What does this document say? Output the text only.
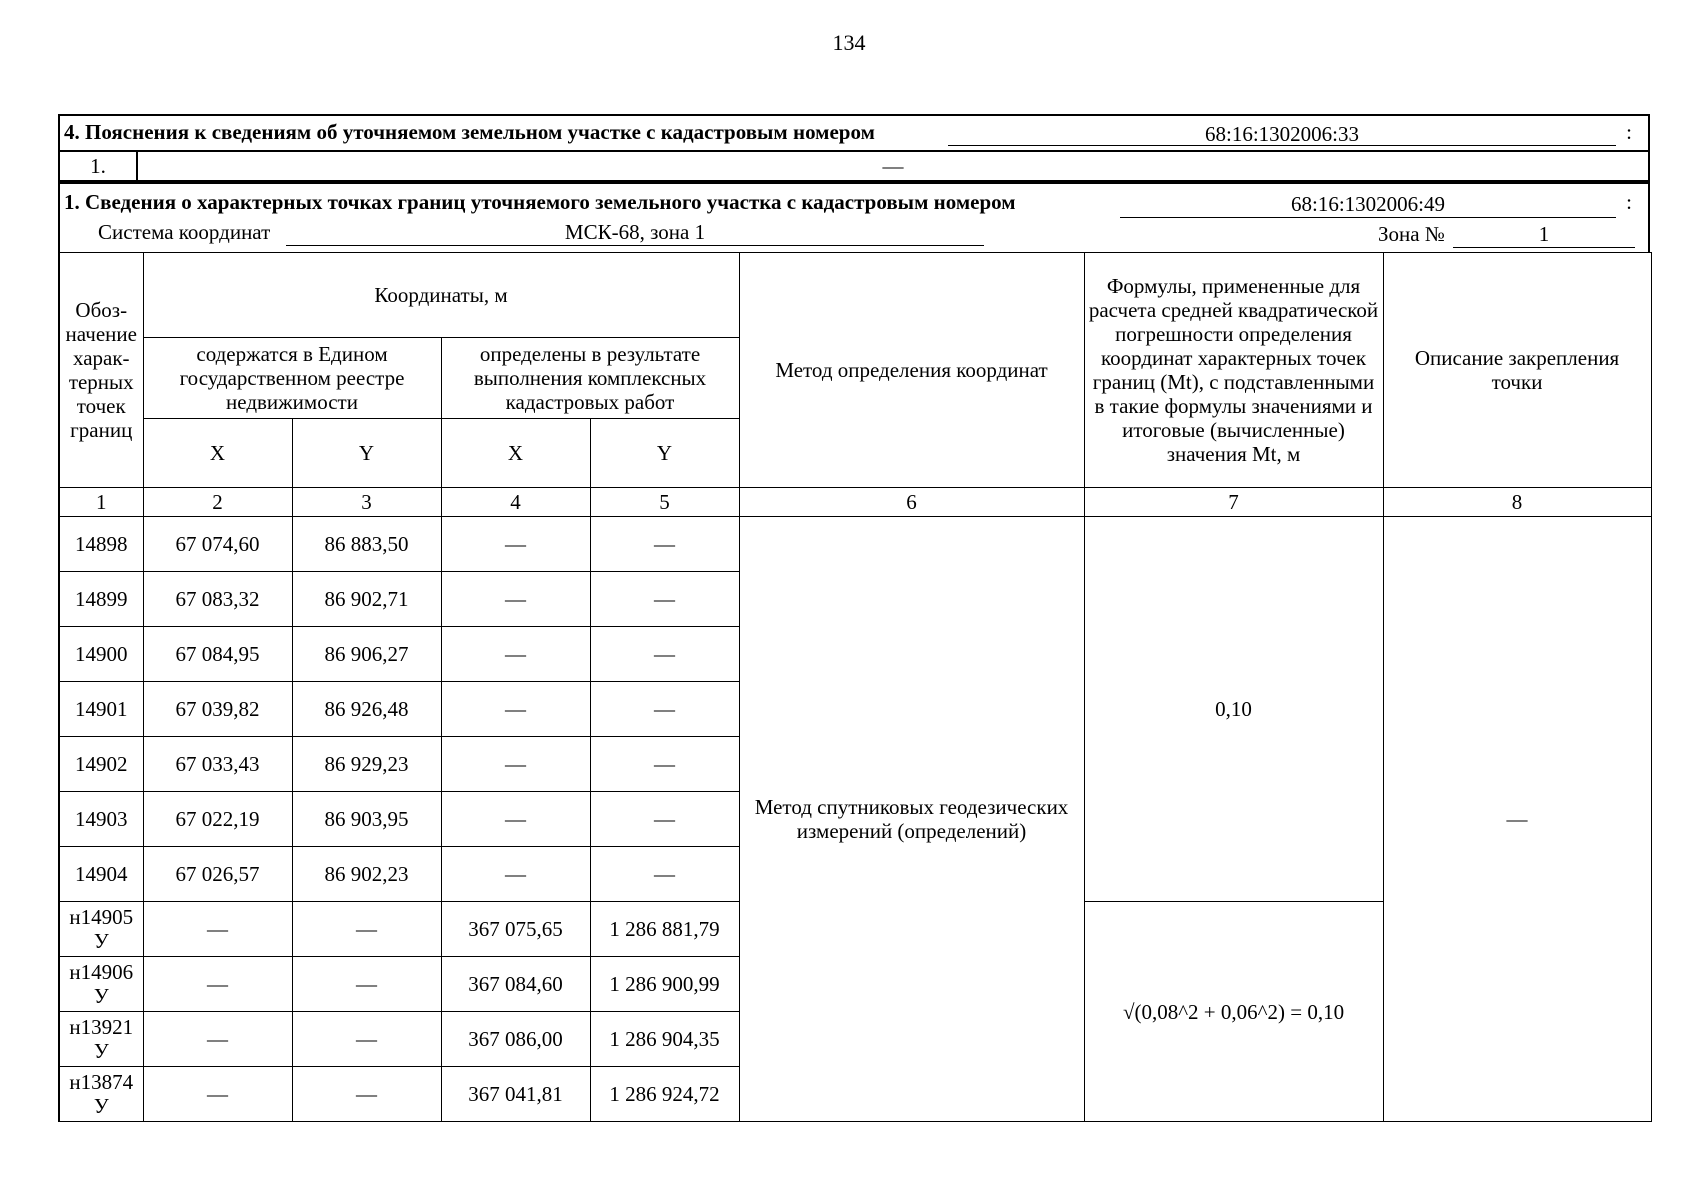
134
4. Пояснения к сведениям об уточняемом земельном участке с кадастровым номером	68:16:1302006:33	:
1.	—
1. Сведения о характерных точках границ уточняемого земельного участка с кадастровым номером	68:16:1302006:49	:
Система координат	МСК-68, зона 1	Зона №	1
Обоз-начение харак-терных точек границ	Координаты, м				Метод определения координат	Формулы, примененные для расчета средней квадратической погрешности определения координат характерных точек границ (Mt), с подставленными в такие формулы значениями и итоговые (вычисленные) значения Mt, м	Описание закрепления точки

	содержатся в Едином государственном реестре недвижимости		определены в результате выполнения комплексных кадастровых работ				
	X	Y	X	Y			
1	2	3	4	5	6	7	8
14898	67 074,60	86 883,50	—	—	Метод спутниковых геодезических измерений (определений)	0,10	—
14899	67 083,32	86 902,71	—	—			
14900	67 084,95	86 906,27	—	—			
14901	67 039,82	86 926,48	—	—			
14902	67 033,43	86 929,23	—	—			
14903	67 022,19	86 903,95	—	—			
14904	67 026,57	86 902,23	—	—			
н14905 У	—	—	367 075,65	1 286 881,79		√(0,08^2 + 0,06^2) = 0,10	
н14906 У	—	—	367 084,60	1 286 900,99			
н13921 У	—	—	367 086,00	1 286 904,35			
н13874 У	—	—	367 041,81	1 286 924,72			
